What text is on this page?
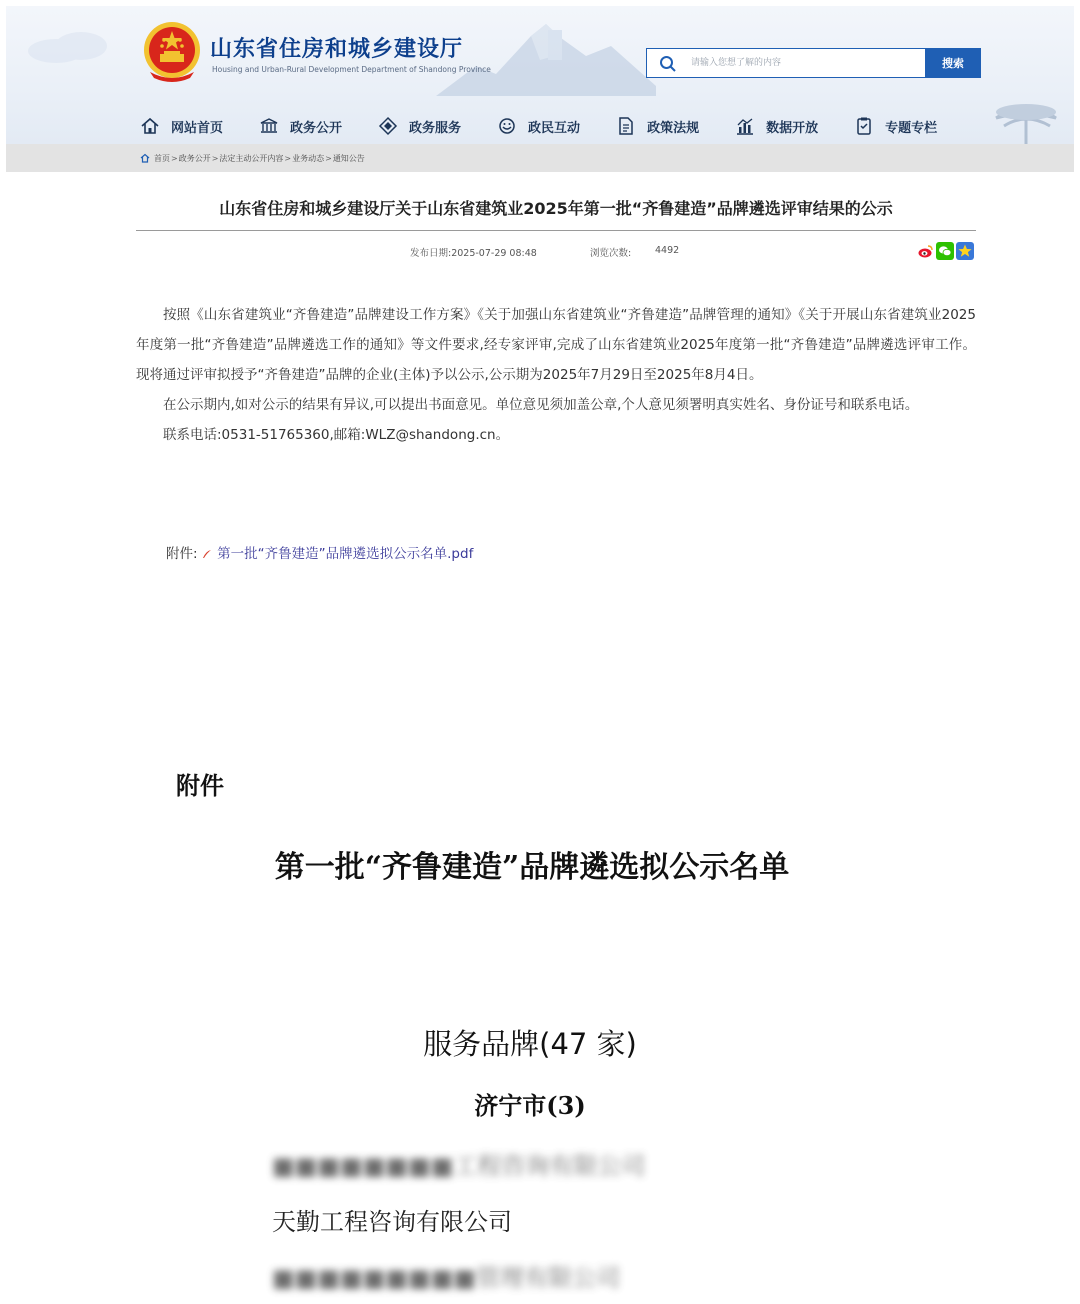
山东省住房和城乡建设厅
Housing and Urban-Rural Development Department of Shandong Province
请输入您想了解的内容	搜索
网站首页	政务公开	政务服务	政民互动	政策法规	数据开放	专题专栏
首页 > 政务公开 > 法定主动公开内容 > 业务动态 > 通知公告
山东省住房和城乡建设厅关于山东省建筑业2025年第一批“齐鲁建造”品牌遴选评审结果的公示
发布日期:2025-07-29 08:48	浏览次数:	4492

按照《山东省建筑业“齐鲁建造”品牌建设工作方案》《关于加强山东省建筑业“齐鲁建造”品牌管理的通知》《关于开展山东省建筑业2025年度第一批“齐鲁建造”品牌遴选工作的通知》等文件要求,经专家评审,完成了山东省建筑业2025年度第一批“齐鲁建造”品牌遴选评审工作。现将通过评审拟授予“齐鲁建造”品牌的企业(主体)予以公示,公示期为2025年7月29日至2025年8月4日。

在公示期内,如对公示的结果有异议,可以提出书面意见。单位意见须加盖公章,个人意见须署明真实姓名、身份证号和联系电话。

联系电话:0531-51765360,邮箱:WLZ@shandong.cn。

附件: 第一批“齐鲁建造”品牌遴选拟公示名单.pdf
附件
第一批“齐鲁建造”品牌遴选拟公示名单
服务品牌(47 家)
济宁市(3)
■■■■■■■■工程咨询有限公司
天勤工程咨询有限公司
■■■■■■■■■管理有限公司
